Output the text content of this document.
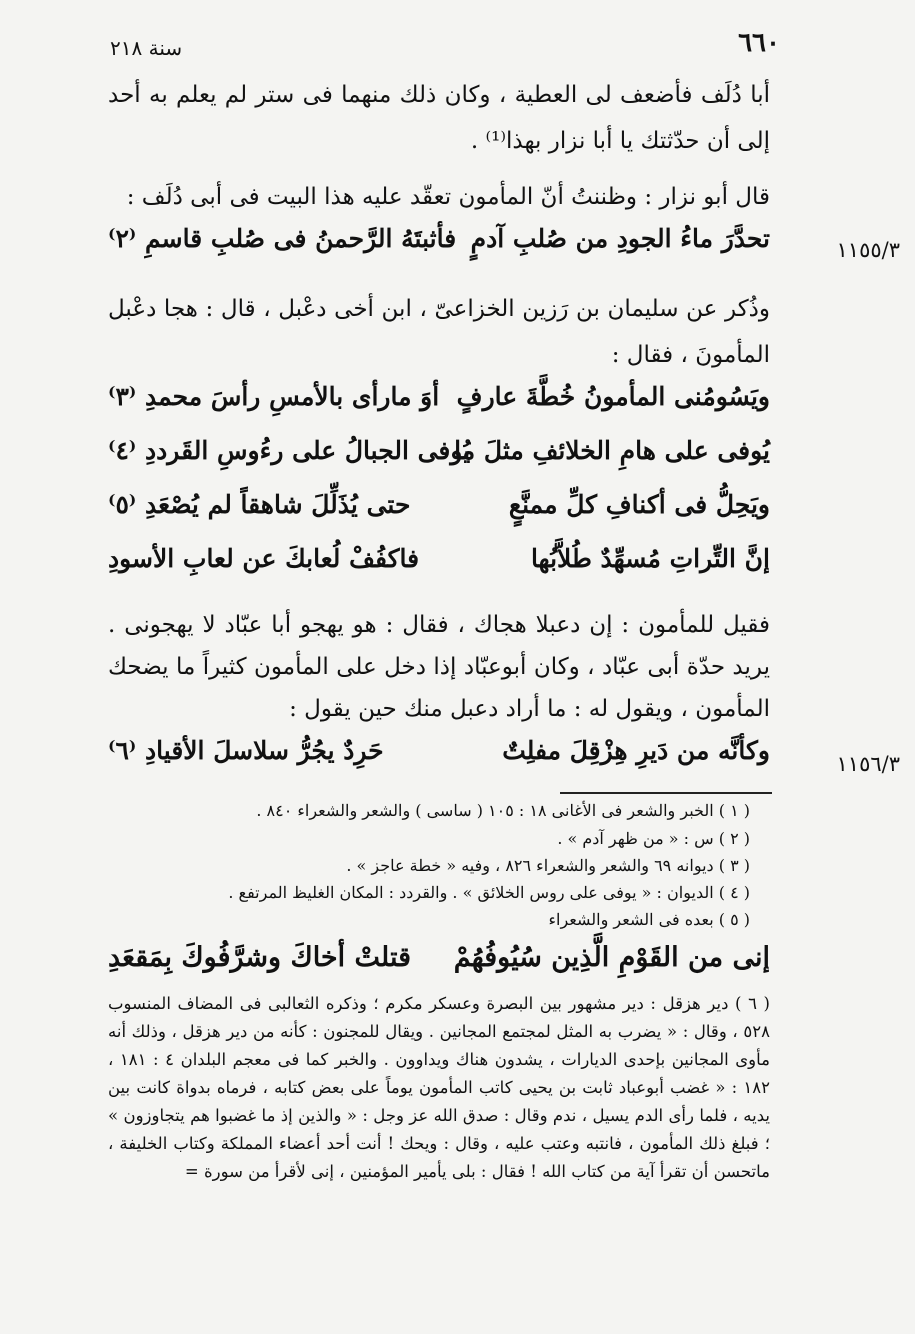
٦٦٠
سنة ٢١٨
أبا دُلَف فأضعف لى العطية ، وكان ذلك منهما فى ستر لم يعلم به أحد إلى أن حدّثتك يا أبا نزار بهذا⁽¹⁾ .
قال أبو نزار : وظننتُ أنّ المأمون تعقّد عليه هذا البيت فى أبى دُلَف :
١١٥٥/٣
تحدَّرَ ماءُ الجودِ من صُلبِ آدمٍ
فأثبتَهُ الرَّحمنُ فى صُلبِ قاسمِ ⁽٢⁾
وذُكر عن سليمان بن رَزين الخزاعىّ ، ابن أخى دعْبل ، قال : هجا دعْبل المأمونَ ، فقال :
ويَسُومُنى المأمونُ خُطَّةَ عارفٍ
أوَ مارأى بالأمسِ رأسَ محمدِ ⁽٣⁾
يُوفى على هامِ الخلائفِ مثلَ ما
يُوفى الجبالُ على رءُوسِ القَرددِ ⁽٤⁾
ويَحِلُّ فى أكنافِ كلِّ ممنَّعٍ
حتى يُذَلِّلَ شاهقاً لم يُصْعَدِ ⁽٥⁾
إنَّ التِّراتِ مُسهِّدٌ طُلاَّبُها
فاكفُفْ لُعابكَ عن لعابِ الأسودِ
فقيل للمأمون : إن دعبلا هجاك ، فقال : هو يهجو أبا عبّاد لا يهجونى . يريد حدّة أبى عبّاد ، وكان أبوعبّاد إذا دخل على المأمون كثيراً ما يضحك المأمون ، ويقول له : ما أراد دعبل منك حين يقول :
١١٥٦/٣
وكأنَّه من دَيرِ هِزْقِلَ مفلِتٌ
حَرِدٌ يجُرُّ سلاسلَ الأقيادِ ⁽٦⁾
( ١ ) الخبر والشعر فى الأغانى ١٨ : ١٠٥ ( ساسى ) والشعر والشعراء ٨٤٠ .
( ٢ ) س : « من ظهر آدم » .
( ٣ ) ديوانه ٦٩ والشعر والشعراء ٨٢٦ ، وفيه « خطة عاجز » .
( ٤ ) الديوان : « يوفى على روس الخلائق » . والقردد : المكان الغليظ المرتفع .
( ٥ ) بعده فى الشعر والشعراء
إنى من القَوْمِ الَّذِين سُيُوفُهُمْ
قتلتْ أخاكَ وشرَّفُوكَ بِمَقعَدِ
( ٦ ) دير هزقل : دير مشهور بين البصرة وعسكر مكرم ؛ وذكره الثعالبى فى المضاف المنسوب ٥٢٨ ، وقال : « يضرب به المثل لمجتمع المجانين . ويقال للمجنون : كأنه من دير هزقل ، وذلك أنه مأوى المجانين بإحدى الديارات ، يشدون هناك ويداوون . والخبر كما فى معجم البلدان ٤ : ١٨١ ، ١٨٢ : « غضب أبوعباد ثابت بن يحيى كاتب المأمون يوماً على بعض كتابه ، فرماه بدواة كانت بين يديه ، فلما رأى الدم يسيل ، ندم وقال : صدق الله عز وجل : « والذين إذ ما غضبوا هم يتجاوزون » ؛ فبلغ ذلك المأمون ، فانتبه وعتب عليه ، وقال : ويحك ! أنت أحد أعضاء المملكة وكتاب الخليفة ، ماتحسن أن تقرأ آية من كتاب الله ! فقال : بلى يأمير المؤمنين ، إنى لأقرأ من سورة =
